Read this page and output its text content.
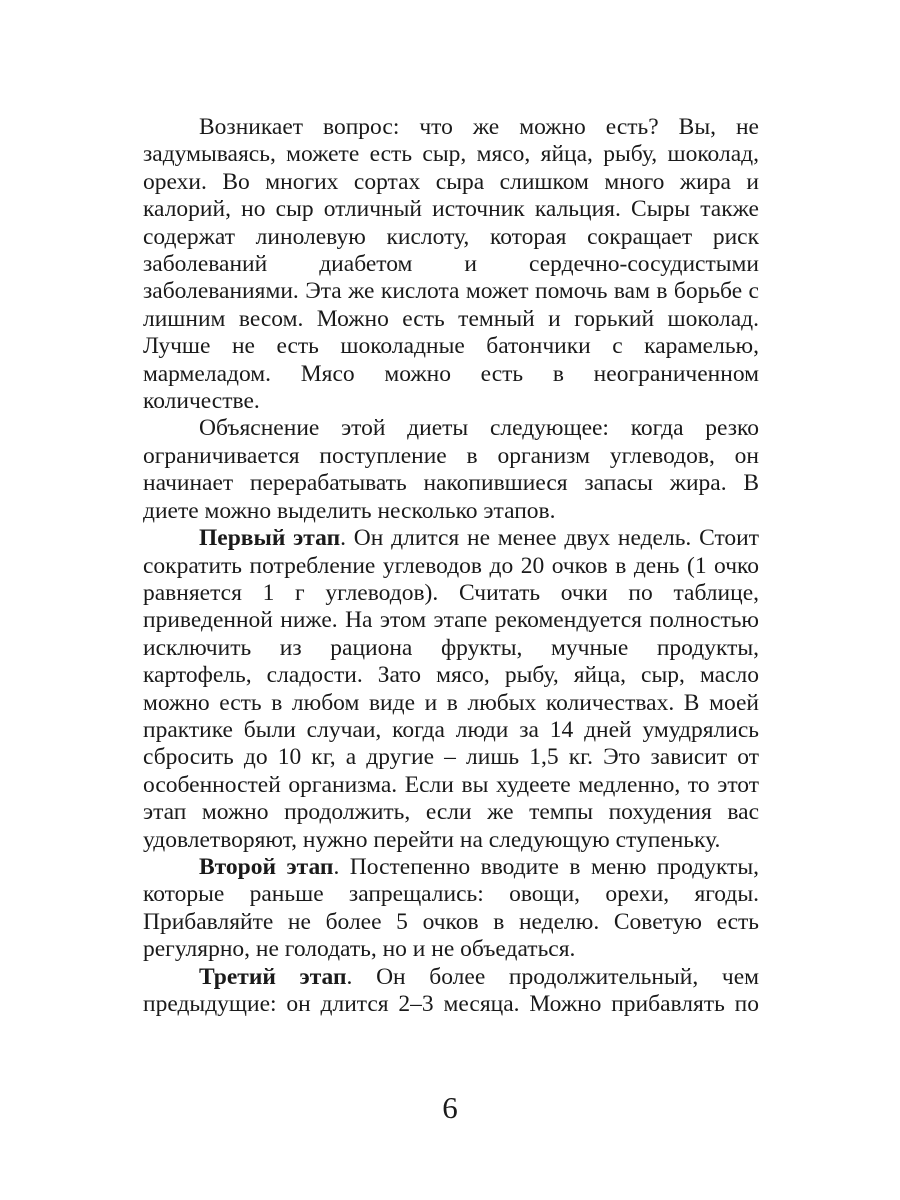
Возникает вопрос: что же можно есть? Вы, не задумываясь, можете есть сыр, мясо, яйца, рыбу, шоколад, орехи. Во многих сортах сыра слишком много жира и калорий, но сыр отличный источник кальция. Сыры также содержат линолевую кислоту, которая сокращает риск заболеваний диабетом и сердечно-сосудистыми заболеваниями. Эта же кислота может помочь вам в борьбе с лишним весом. Можно есть темный и горький шоколад. Лучше не есть шоколадные батончики с карамелью, мармеладом. Мясо можно есть в неограниченном количестве.

Объяснение этой диеты следующее: когда резко ограничивается поступление в организм углеводов, он начинает перерабатывать накопившиеся запасы жира. В диете можно выделить несколько этапов.

Первый этап. Он длится не менее двух недель. Стоит сократить потребление углеводов до 20 очков в день (1 очко равняется 1 г углеводов). Считать очки по таблице, приведенной ниже. На этом этапе рекомендуется полностью исключить из рациона фрукты, мучные продукты, картофель, сладости. Зато мясо, рыбу, яйца, сыр, масло можно есть в любом виде и в любых количествах. В моей практике были случаи, когда люди за 14 дней умудрялись сбросить до 10 кг, а другие – лишь 1,5 кг. Это зависит от особенностей организма. Если вы худеете медленно, то этот этап можно продолжить, если же темпы похудения вас удовлетворяют, нужно перейти на следующую ступеньку.

Второй этап. Постепенно вводите в меню продукты, которые раньше запрещались: овощи, орехи, ягоды. Прибавляйте не более 5 очков в неделю. Советую есть регулярно, не голодать, но и не объедаться.

Третий этап. Он более продолжительный, чем предыдущие: он длится 2–3 месяца. Можно прибавлять по

6
